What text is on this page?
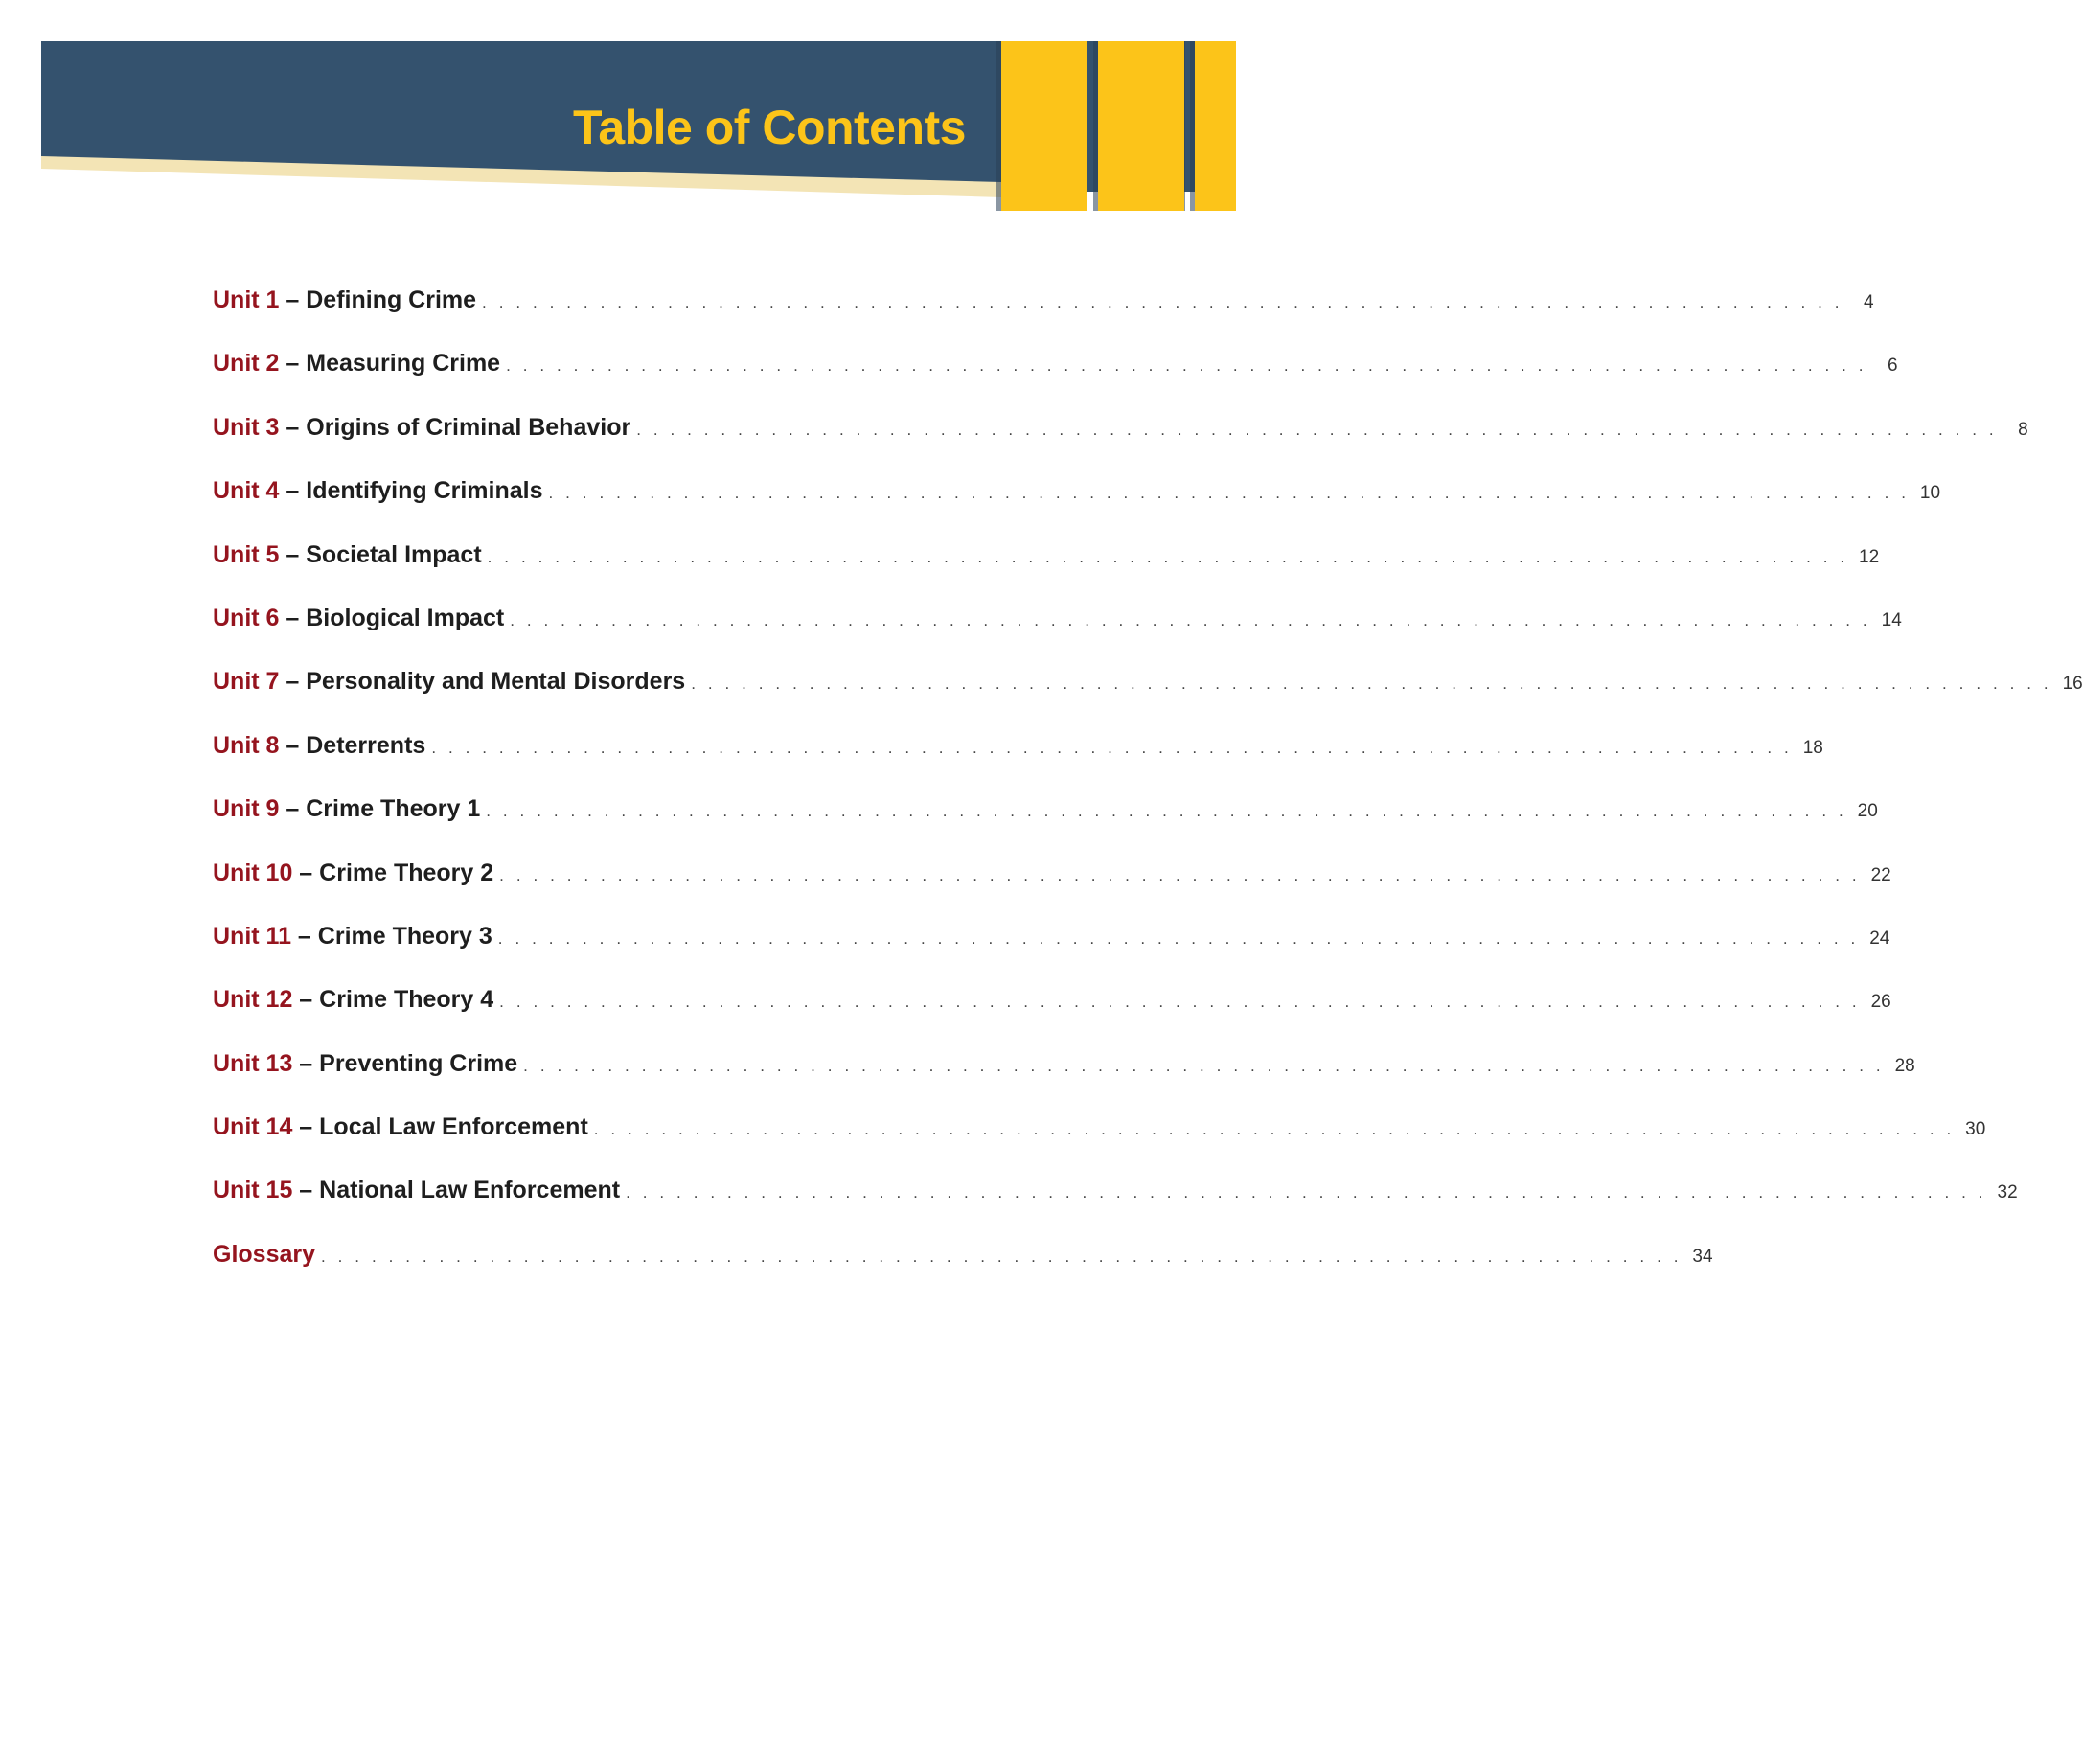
Table of Contents
Unit 1 – Defining Crime . . . . . . . . . . . . . . . . . . . . . . . . . . . . . . . . . . . . . . . . . . . . . . . . . . . . . . . . . . . . . . . . . . . . . . . . . . . . . . . . .	4
Unit 2 – Measuring Crime . . . . . . . . . . . . . . . . . . . . . . . . . . . . . . . . . . . . . . . . . . . . . . . . . . . . . . . . . . . . . . . . . . . . . . . . . . . . . . . . .	6
Unit 3 – Origins of Criminal Behavior . . . . . . . . . . . . . . . . . . . . . . . . . . . . . . . . . . . . . . . . . . . . . . . . . . . . . . . . . . . . . . . . . . . . . . . . . . . . . . . . .	8
Unit 4 – Identifying Criminals . . . . . . . . . . . . . . . . . . . . . . . . . . . . . . . . . . . . . . . . . . . . . . . . . . . . . . . . . . . . . . . . . . . . . . . . . . . . . . . . . 10
Unit 5 – Societal Impact . . . . . . . . . . . . . . . . . . . . . . . . . . . . . . . . . . . . . . . . . . . . . . . . . . . . . . . . . . . . . . . . . . . . . . . . . . . . . . . . . 12
Unit 6 – Biological Impact . . . . . . . . . . . . . . . . . . . . . . . . . . . . . . . . . . . . . . . . . . . . . . . . . . . . . . . . . . . . . . . . . . . . . . . . . . . . . . . . . 14
Unit 7 – Personality and Mental Disorders . . . . . . . . . . . . . . . . . . . . . . . . . . . . . . . . . . . . . . . . . . . . . . . . . . . . . . . . . . . . . . . . . . . . . . . . . . . . . . . . . 16
Unit 8 – Deterrents . . . . . . . . . . . . . . . . . . . . . . . . . . . . . . . . . . . . . . . . . . . . . . . . . . . . . . . . . . . . . . . . . . . . . . . . . . . . . . . . . 18
Unit 9 – Crime Theory 1 . . . . . . . . . . . . . . . . . . . . . . . . . . . . . . . . . . . . . . . . . . . . . . . . . . . . . . . . . . . . . . . . . . . . . . . . . . . . . . . . . 20
Unit 10 – Crime Theory 2 . . . . . . . . . . . . . . . . . . . . . . . . . . . . . . . . . . . . . . . . . . . . . . . . . . . . . . . . . . . . . . . . . . . . . . . . . . . . . . . . . 22
Unit 11 – Crime Theory 3 . . . . . . . . . . . . . . . . . . . . . . . . . . . . . . . . . . . . . . . . . . . . . . . . . . . . . . . . . . . . . . . . . . . . . . . . . . . . . . . . . 24
Unit 12 – Crime Theory 4 . . . . . . . . . . . . . . . . . . . . . . . . . . . . . . . . . . . . . . . . . . . . . . . . . . . . . . . . . . . . . . . . . . . . . . . . . . . . . . . . . 26
Unit 13 – Preventing Crime . . . . . . . . . . . . . . . . . . . . . . . . . . . . . . . . . . . . . . . . . . . . . . . . . . . . . . . . . . . . . . . . . . . . . . . . . . . . . . . . . 28
Unit 14 – Local Law Enforcement . . . . . . . . . . . . . . . . . . . . . . . . . . . . . . . . . . . . . . . . . . . . . . . . . . . . . . . . . . . . . . . . . . . . . . . . . . . . . . . . . 30
Unit 15 – National Law Enforcement . . . . . . . . . . . . . . . . . . . . . . . . . . . . . . . . . . . . . . . . . . . . . . . . . . . . . . . . . . . . . . . . . . . . . . . . . . . . . . . . . 32
Glossary . . . . . . . . . . . . . . . . . . . . . . . . . . . . . . . . . . . . . . . . . . . . . . . . . . . . . . . . . . . . . . . . . . . . . . . . . . . . . . . . . 34
